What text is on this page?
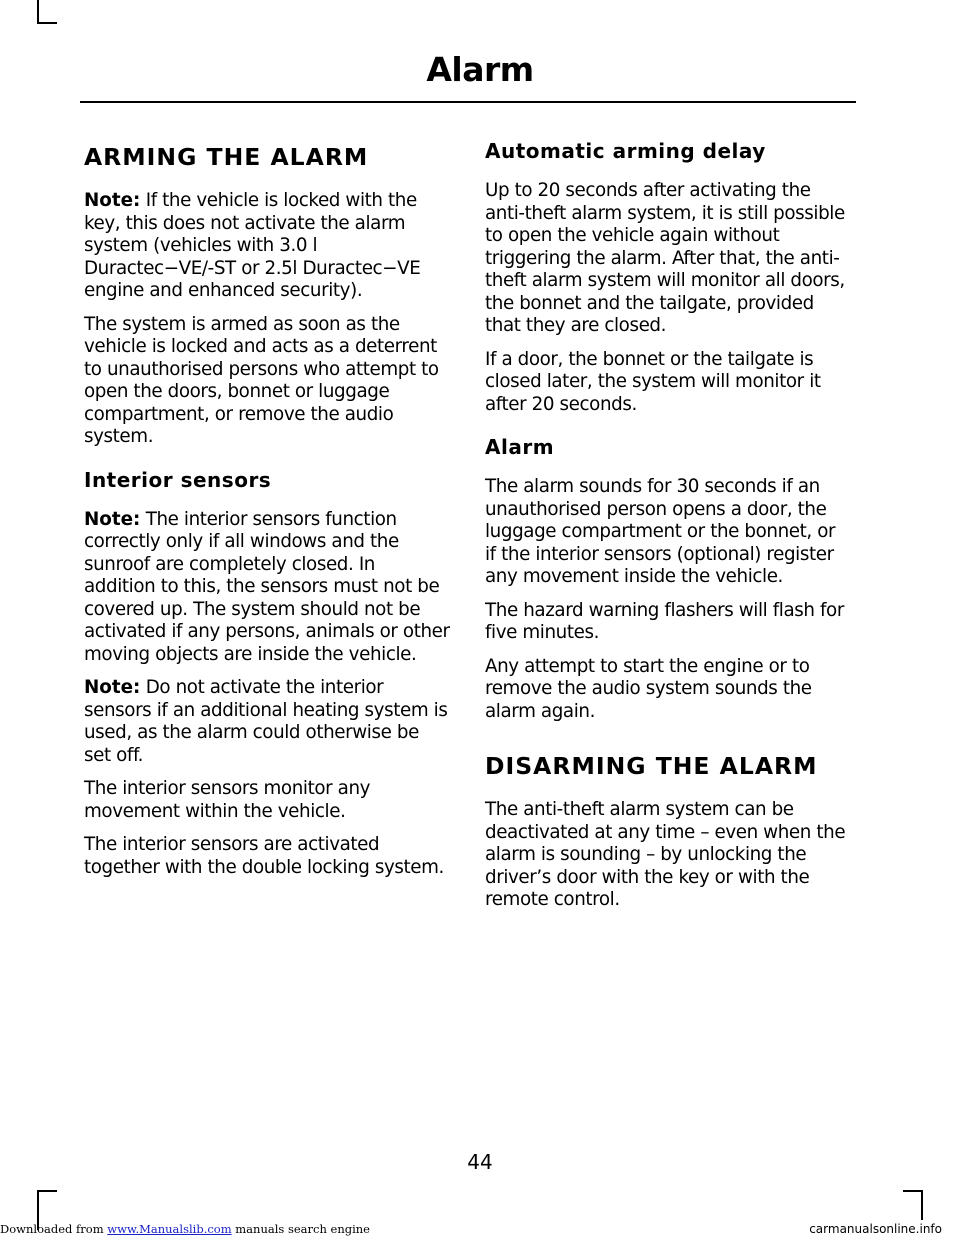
Alarm
ARMING THE ALARM

Note: If the vehicle is locked with the key, this does not activate the alarm system (vehicles with 3.0 l Duractec−VE/-ST or 2.5l Duractec−VE engine and enhanced security).

The system is armed as soon as the vehicle is locked and acts as a deterrent to unauthorised persons who attempt to open the doors, bonnet or luggage compartment, or remove the audio system.

Interior sensors

Note: The interior sensors function correctly only if all windows and the sunroof are completely closed. In addition to this, the sensors must not be covered up. The system should not be activated if any persons, animals or other moving objects are inside the vehicle.

Note: Do not activate the interior sensors if an additional heating system is used, as the alarm could otherwise be set off.

The interior sensors monitor any movement within the vehicle.

The interior sensors are activated together with the double locking system.

Automatic arming delay

Up to 20 seconds after activating the anti-theft alarm system, it is still possible to open the vehicle again without triggering the alarm. After that, the anti-theft alarm system will monitor all doors, the bonnet and the tailgate, provided that they are closed.

If a door, the bonnet or the tailgate is closed later, the system will monitor it after 20 seconds.

Alarm

The alarm sounds for 30 seconds if an unauthorised person opens a door, the luggage compartment or the bonnet, or if the interior sensors (optional) register any movement inside the vehicle.

The hazard warning flashers will flash for five minutes.

Any attempt to start the engine or to remove the audio system sounds the alarm again.

DISARMING THE ALARM

The anti-theft alarm system can be deactivated at any time – even when the alarm is sounding – by unlocking the driver’s door with the key or with the remote control.

44
Downloaded from www.Manualslib.com manuals search engine	carmanualsonline.info
